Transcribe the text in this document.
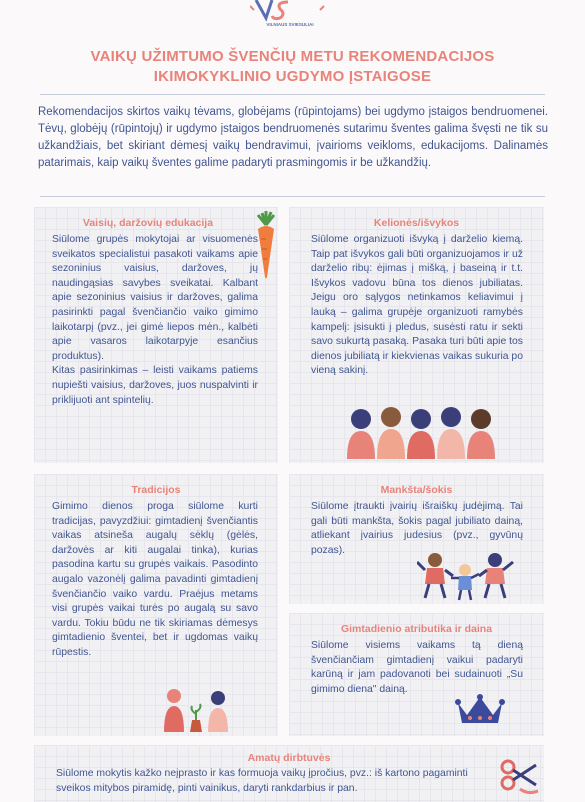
VILNIAUS SVIESULIAI
VAIKŲ UŽIMTUMO ŠVENČIŲ METU REKOMENDACIJOS
IKIMOKYKLINIO UGDYMO ĮSTAIGOSE
Rekomendacijos skirtos vaikų tėvams, globėjams (rūpintojams) bei ugdymo įstaigos bendruomenei. Tėvų, globėjų (rūpintojų) ir ugdymo įstaigos bendruomenės sutarimu šventes galima švęsti ne tik su užkandžiais, bet skiriant dėmesį vaikų bendravimui, įvairioms veikloms, edukacijoms. Dalinamės patarimais, kaip vaikų šventes galime padaryti prasmingomis ir be užkandžių.
Vaisių, daržovių edukacija

Siūlome grupės mokytojai ar visuomenės sveikatos specialistui pasakoti vaikams apie sezoninius vaisius, daržoves, jų naudingąsias savybes sveikatai. Kalbant apie sezoninius vaisius ir daržoves, galima pasirinkti pagal švenčiančio vaiko gimimo laikotarpį (pvz., jei gimė liepos mėn., kalbėti apie vasaros laikotarpyje esančius produktus).

Kitas pasirinkimas – leisti vaikams patiems nupiešti vaisius, daržoves, juos nuspalvinti ir priklijuoti ant spintelių.

Kelionės/išvykos

Siūlome organizuoti išvyką į darželio kiemą. Taip pat išvykos gali būti organizuojamos ir už darželio ribų: ėjimas į mišką, į baseiną ir t.t. Išvykos vadovu būna tos dienos jubiliatas. Jeigu oro sąlygos netinkamos keliavimui į lauką – galima grupėje organizuoti ramybės kampelį: įsisukti į pledus, susėsti ratu ir sekti savo sukurtą pasaką. Pasaka turi būti apie tos dienos jubiliatą ir kiekvienas vaikas sukuria po vieną sakinį.

Tradicijos

Gimimo dienos proga siūlome kurti tradicijas, pavyzdžiui: gimtadienį švenčiantis vaikas atsineša augalų sėklų (gėlės, daržovės ar kiti augalai tinka), kurias pasodina kartu su grupės vaikais. Pasodinto augalo vazonėlį galima pavadinti gimtadienį švenčiančio vaiko vardu. Praėjus metams visi grupės vaikai turės po augalą su savo vardu. Tokiu būdu ne tik skiriamas dėmesys gimtadienio šventei, bet ir ugdomas vaikų rūpestis.

Mankšta/šokis

Siūlome įtraukti įvairių išraiškų judėjimą. Tai gali būti mankšta, šokis pagal jubiliato dainą, atliekant įvairius judesius (pvz., gyvūnų pozas).

Gimtadienio atributika ir daina

Siūlome visiems vaikams tą dieną švenčiančiam gimtadienį vaikui padaryti karūną ir jam padovanoti bei sudainuoti „Su gimimo diena" dainą.

Amatų dirbtuvės

Siūlome mokytis kažko neįprasto ir kas formuoja vaikų įpročius, pvz.: iš kartono pagaminti sveikos mitybos piramidę, pinti vainikus, daryti rankdarbius ir pan.
